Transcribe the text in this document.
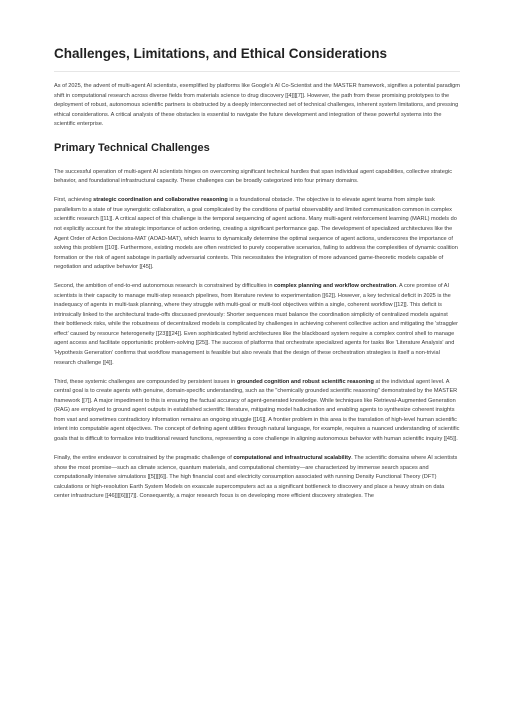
Challenges, Limitations, and Ethical Considerations

As of 2025, the advent of multi-agent AI scientists, exemplified by platforms like Google's AI Co-Scientist and the MASTER framework, signifies a potential paradigm shift in computational research across diverse fields from materials science to drug discovery [[4]][[7]]. However, the path from these promising prototypes to the deployment of robust, autonomous scientific partners is obstructed by a deeply interconnected set of technical challenges, inherent system limitations, and pressing ethical considerations. A critical analysis of these obstacles is essential to navigate the future development and integration of these powerful systems into the scientific enterprise.

Primary Technical Challenges

The successful operation of multi-agent AI scientists hinges on overcoming significant technical hurdles that span individual agent capabilities, collective strategic behavior, and foundational infrastructural capacity. These challenges can be broadly categorized into four primary domains.

First, achieving strategic coordination and collaborative reasoning is a foundational obstacle. The objective is to elevate agent teams from simple task parallelism to a state of true synergistic collaboration, a goal complicated by the conditions of partial observability and limited communication common in complex scientific research [[11]]. A critical aspect of this challenge is the temporal sequencing of agent actions. Many multi-agent reinforcement learning (MARL) models do not explicitly account for the strategic importance of action ordering, creating a significant performance gap. The development of specialized architectures like the Agent Order of Action Decisions-MAT (AOAD-MAT), which learns to dynamically determine the optimal sequence of agent actions, underscores the importance of solving this problem [[10]]. Furthermore, existing models are often restricted to purely cooperative scenarios, failing to address the complexities of dynamic coalition formation or the risk of agent sabotage in partially adversarial contexts. This necessitates the integration of more advanced game-theoretic models capable of negotiation and adaptive behavior [[45]].

Second, the ambition of end-to-end autonomous research is constrained by difficulties in complex planning and workflow orchestration. A core promise of AI scientists is their capacity to manage multi-step research pipelines, from literature review to experimentation [[62]]. However, a key technical deficit in 2025 is the inadequacy of agents in multi-task planning, where they struggle with multi-goal or multi-tool objectives within a single, coherent workflow [[12]]. This deficit is intrinsically linked to the architectural trade-offs discussed previously: Shorter sequences must balance the coordination simplicity of centralized models against their bottleneck risks, while the robustness of decentralized models is complicated by challenges in achieving coherent collective action and mitigating the 'straggler effect' caused by resource heterogeneity [[23]][[24]]. Even sophisticated hybrid architectures like the blackboard system require a complex control shell to manage agent access and facilitate opportunistic problem-solving [[25]]. The success of platforms that orchestrate specialized agents for tasks like 'Literature Analysis' and 'Hypothesis Generation' confirms that workflow management is feasible but also reveals that the design of these orchestration strategies is itself a non-trivial research challenge [[4]].

Third, these systemic challenges are compounded by persistent issues in grounded cognition and robust scientific reasoning at the individual agent level. A central goal is to create agents with genuine, domain-specific understanding, such as the "chemically grounded scientific reasoning" demonstrated by the MASTER framework [[7]]. A major impediment to this is ensuring the factual accuracy of agent-generated knowledge. While techniques like Retrieval-Augmented Generation (RAG) are employed to ground agent outputs in established scientific literature, mitigating model hallucination and enabling agents to synthesize coherent insights from vast and sometimes contradictory information remains an ongoing struggle [[16]]. A frontier problem in this area is the translation of high-level human scientific intent into computable agent objectives. The concept of defining agent utilities through natural language, for example, requires a nuanced understanding of scientific goals that is difficult to formalize into traditional reward functions, representing a core challenge in aligning autonomous behavior with human scientific inquiry [[45]].

Finally, the entire endeavor is constrained by the pragmatic challenge of computational and infrastructural scalability. The scientific domains where AI scientists show the most promise—such as climate science, quantum materials, and computational chemistry—are characterized by immense search spaces and computationally intensive simulations [[5]][[6]]. The high financial cost and electricity consumption associated with running Density Functional Theory (DFT) calculations or high-resolution Earth System Models on exascale supercomputers act as a significant bottleneck to discovery and place a heavy strain on data center infrastructure [[46]][[6]][[7]]. Consequently, a major research focus is on developing more efficient discovery strategies. The
